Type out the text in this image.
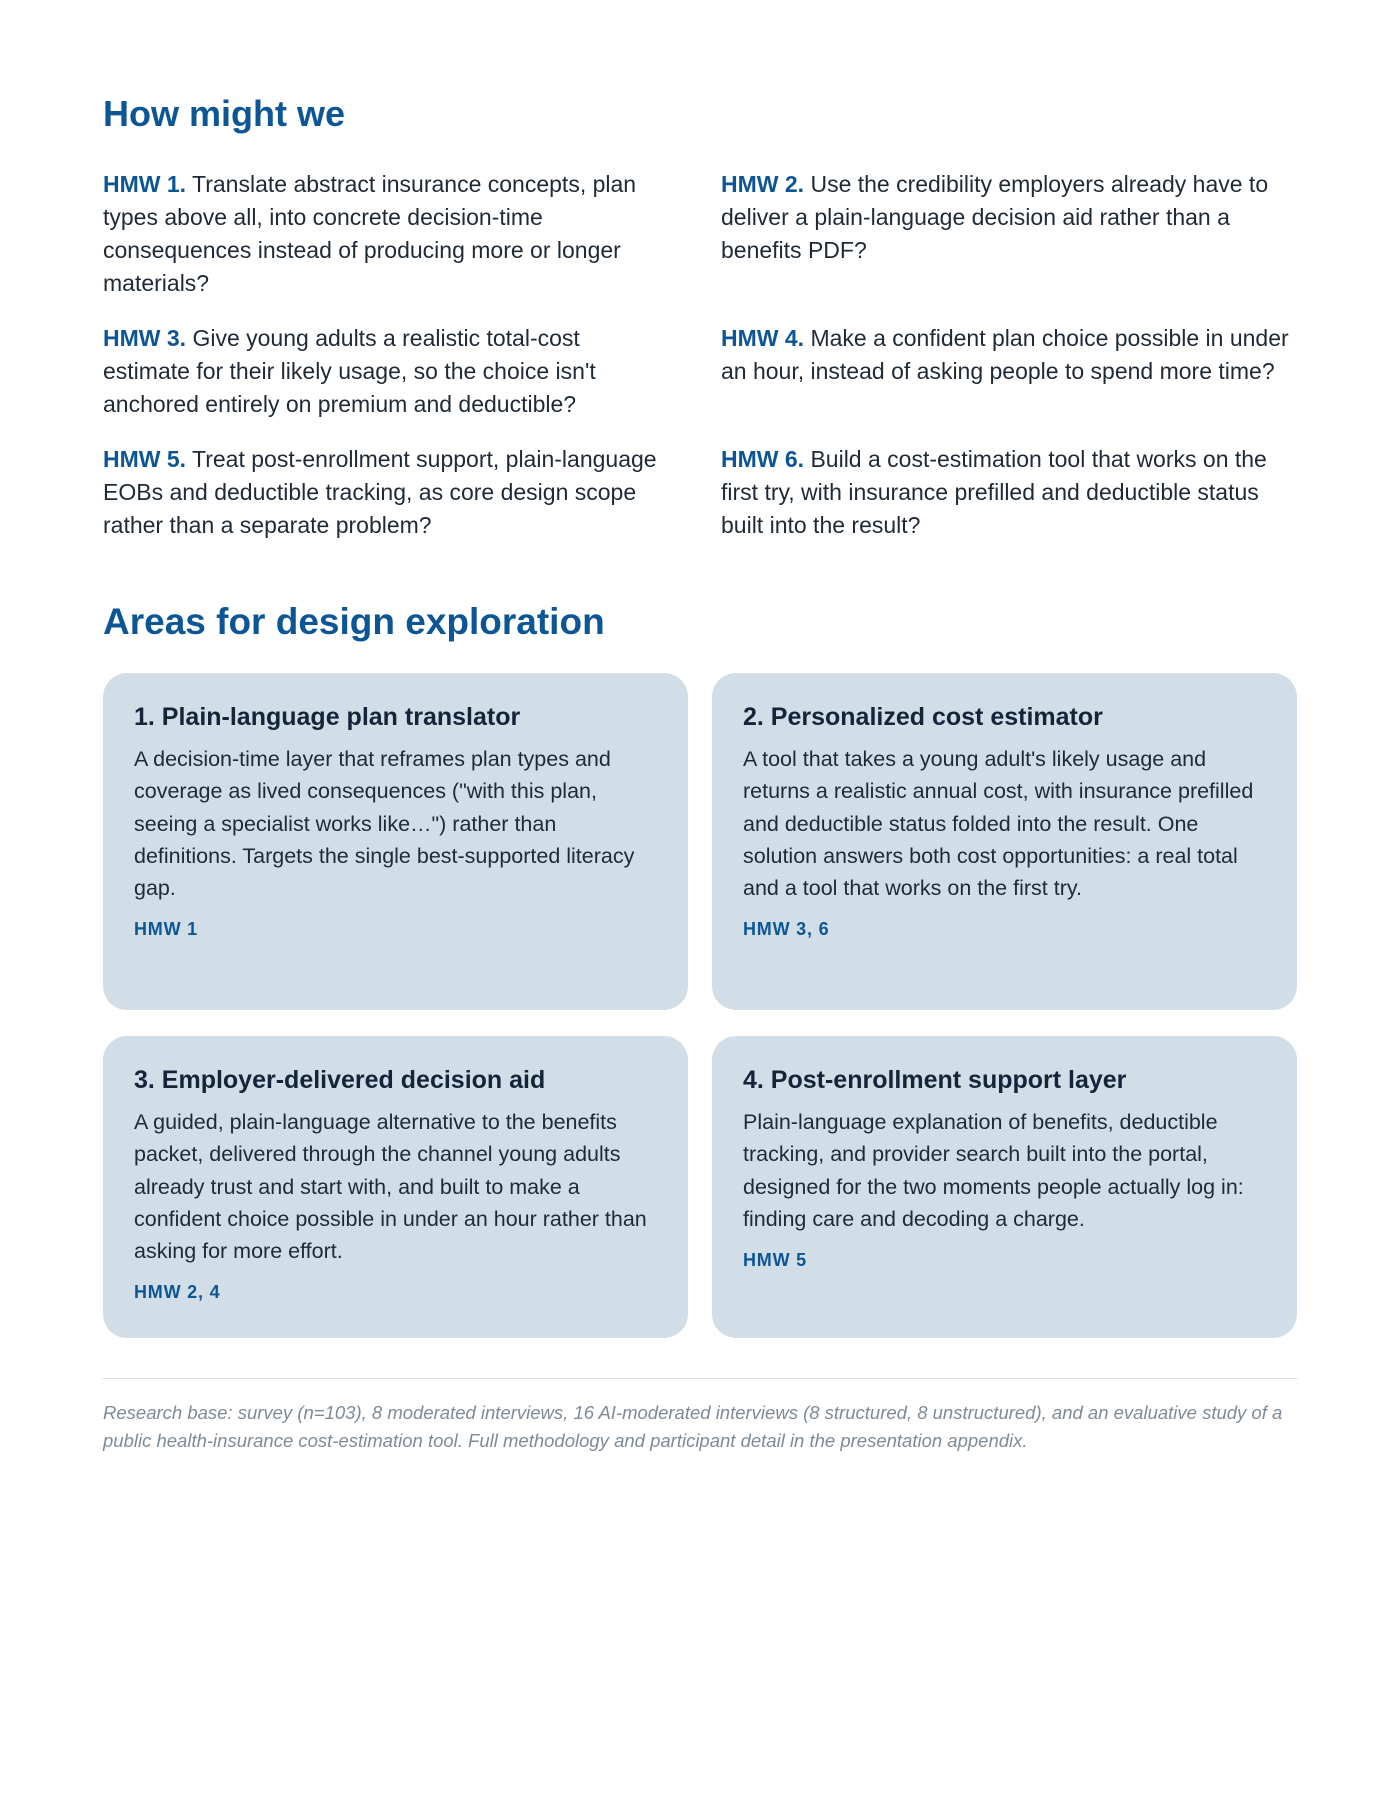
How might we

HMW 1. Translate abstract insurance concepts, plan types above all, into concrete decision-time consequences instead of producing more or longer materials?

HMW 2. Use the credibility employers already have to deliver a plain-language decision aid rather than a benefits PDF?

HMW 3. Give young adults a realistic total-cost estimate for their likely usage, so the choice isn't anchored entirely on premium and deductible?

HMW 4. Make a confident plan choice possible in under an hour, instead of asking people to spend more time?

HMW 5. Treat post-enrollment support, plain-language EOBs and deductible tracking, as core design scope rather than a separate problem?

HMW 6. Build a cost-estimation tool that works on the first try, with insurance prefilled and deductible status built into the result?

Areas for design exploration
1. Plain-language plan translator

A decision-time layer that reframes plan types and coverage as lived consequences ("with this plan, seeing a specialist works like…") rather than definitions. Targets the single best-supported literacy gap.

HMW 1

2. Personalized cost estimator

A tool that takes a young adult's likely usage and returns a realistic annual cost, with insurance prefilled and deductible status folded into the result. One solution answers both cost opportunities: a real total and a tool that works on the first try.

HMW 3, 6

3. Employer-delivered decision aid

A guided, plain-language alternative to the benefits packet, delivered through the channel young adults already trust and start with, and built to make a confident choice possible in under an hour rather than asking for more effort.

HMW 2, 4

4. Post-enrollment support layer

Plain-language explanation of benefits, deductible tracking, and provider search built into the portal, designed for the two moments people actually log in: finding care and decoding a charge.

HMW 5

Research base: survey (n=103), 8 moderated interviews, 16 AI-moderated interviews (8 structured, 8 unstructured), and an evaluative study of a public health-insurance cost-estimation tool. Full methodology and participant detail in the presentation appendix.
